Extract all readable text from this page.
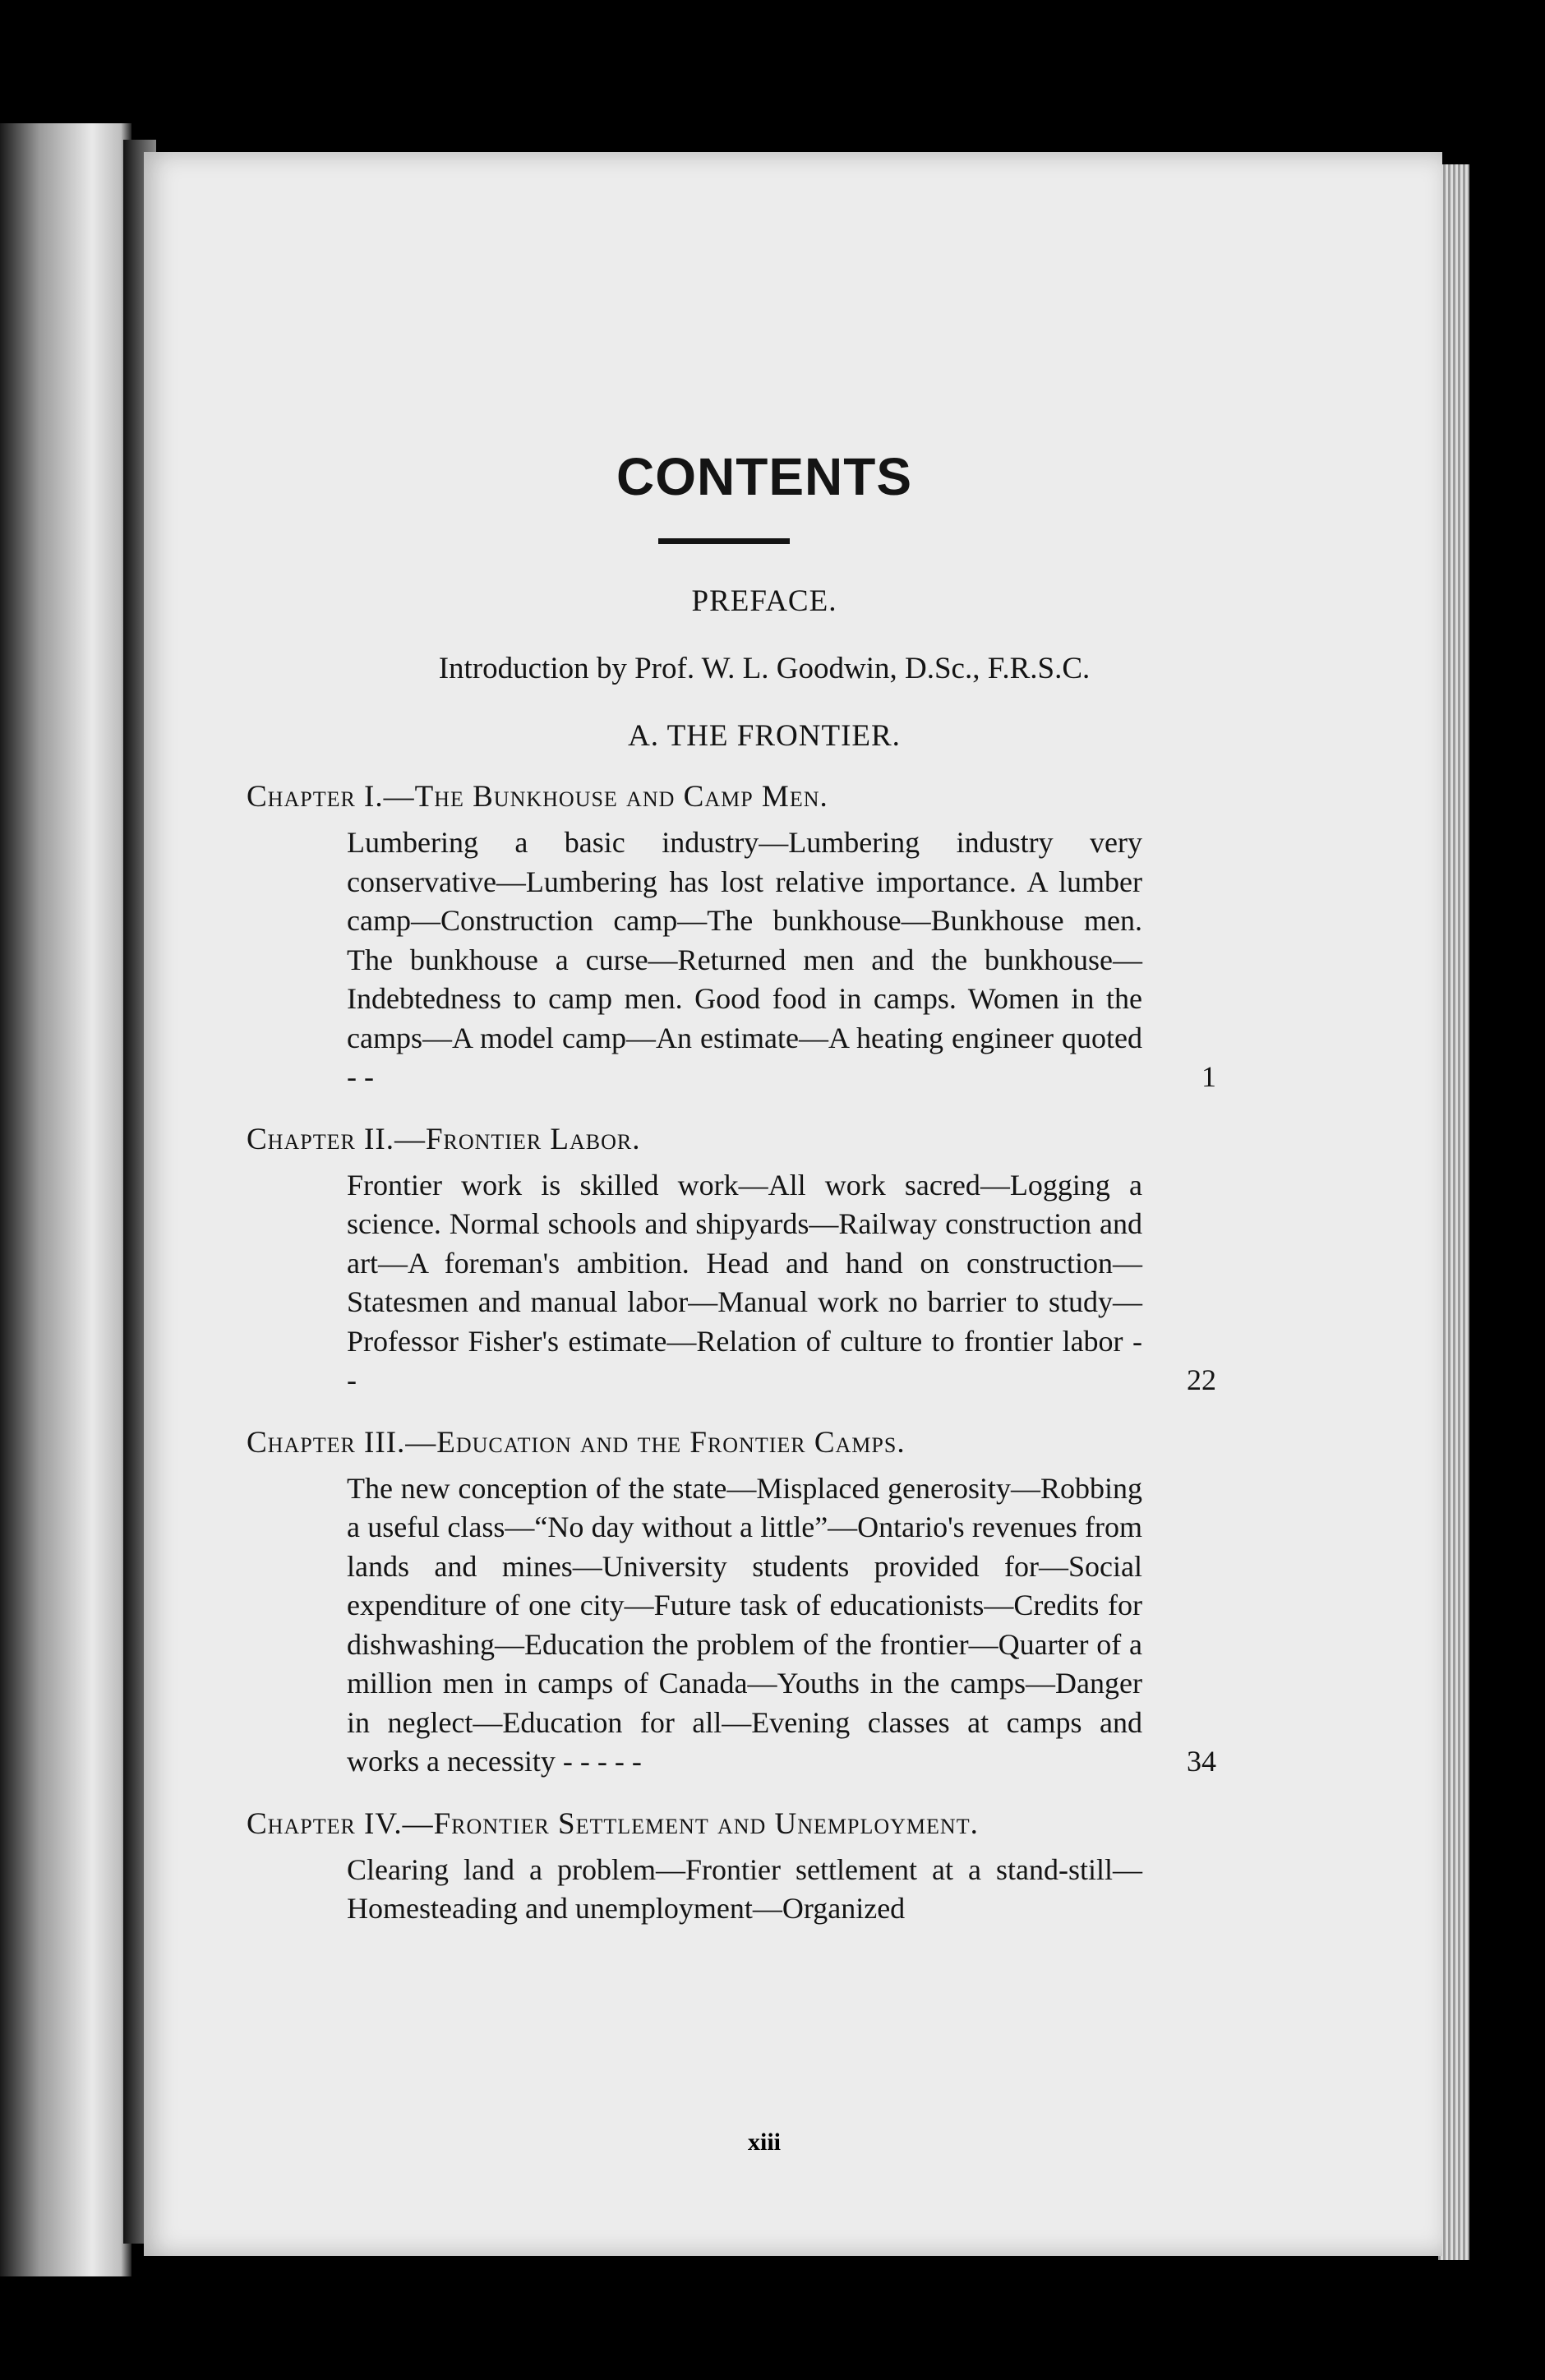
CONTENTS

PREFACE.

Introduction by Prof. W. L. Goodwin, D.Sc., F.R.S.C.

A. THE FRONTIER.

Chapter I.—The Bunkhouse and Camp Men.

Lumbering a basic industry—Lumbering industry very conservative—Lumbering has lost relative importance. A lumber camp—Construction camp—The bunkhouse—Bunkhouse men. The bunkhouse a curse—Returned men and the bunkhouse—Indebtedness to camp men. Good food in camps. Women in the camps—A model camp—An estimate—A heating engineer quoted - -	1

Chapter II.—Frontier Labor.

Frontier work is skilled work—All work sacred—Logging a science. Normal schools and shipyards—Railway construction and art—A foreman's ambition. Head and hand on construction—Statesmen and manual labor—Manual work no barrier to study—Professor Fisher's estimate—Relation of culture to frontier labor - -	22

Chapter III.—Education and the Frontier Camps.

The new conception of the state—Misplaced generosity—Robbing a useful class—“No day without a little”—Ontario's revenues from lands and mines—University students provided for—Social expenditure of one city—Future task of educationists—Credits for dishwashing—Education the problem of the frontier—Quarter of a million men in camps of Canada—Youths in the camps—Danger in neglect—Education for all—Evening classes at camps and works a necessity - - - - -	34

Chapter IV.—Frontier Settlement and Unemployment.

Clearing land a problem—Frontier settlement at a stand-still—Homesteading and unemployment—Organized

xiii
